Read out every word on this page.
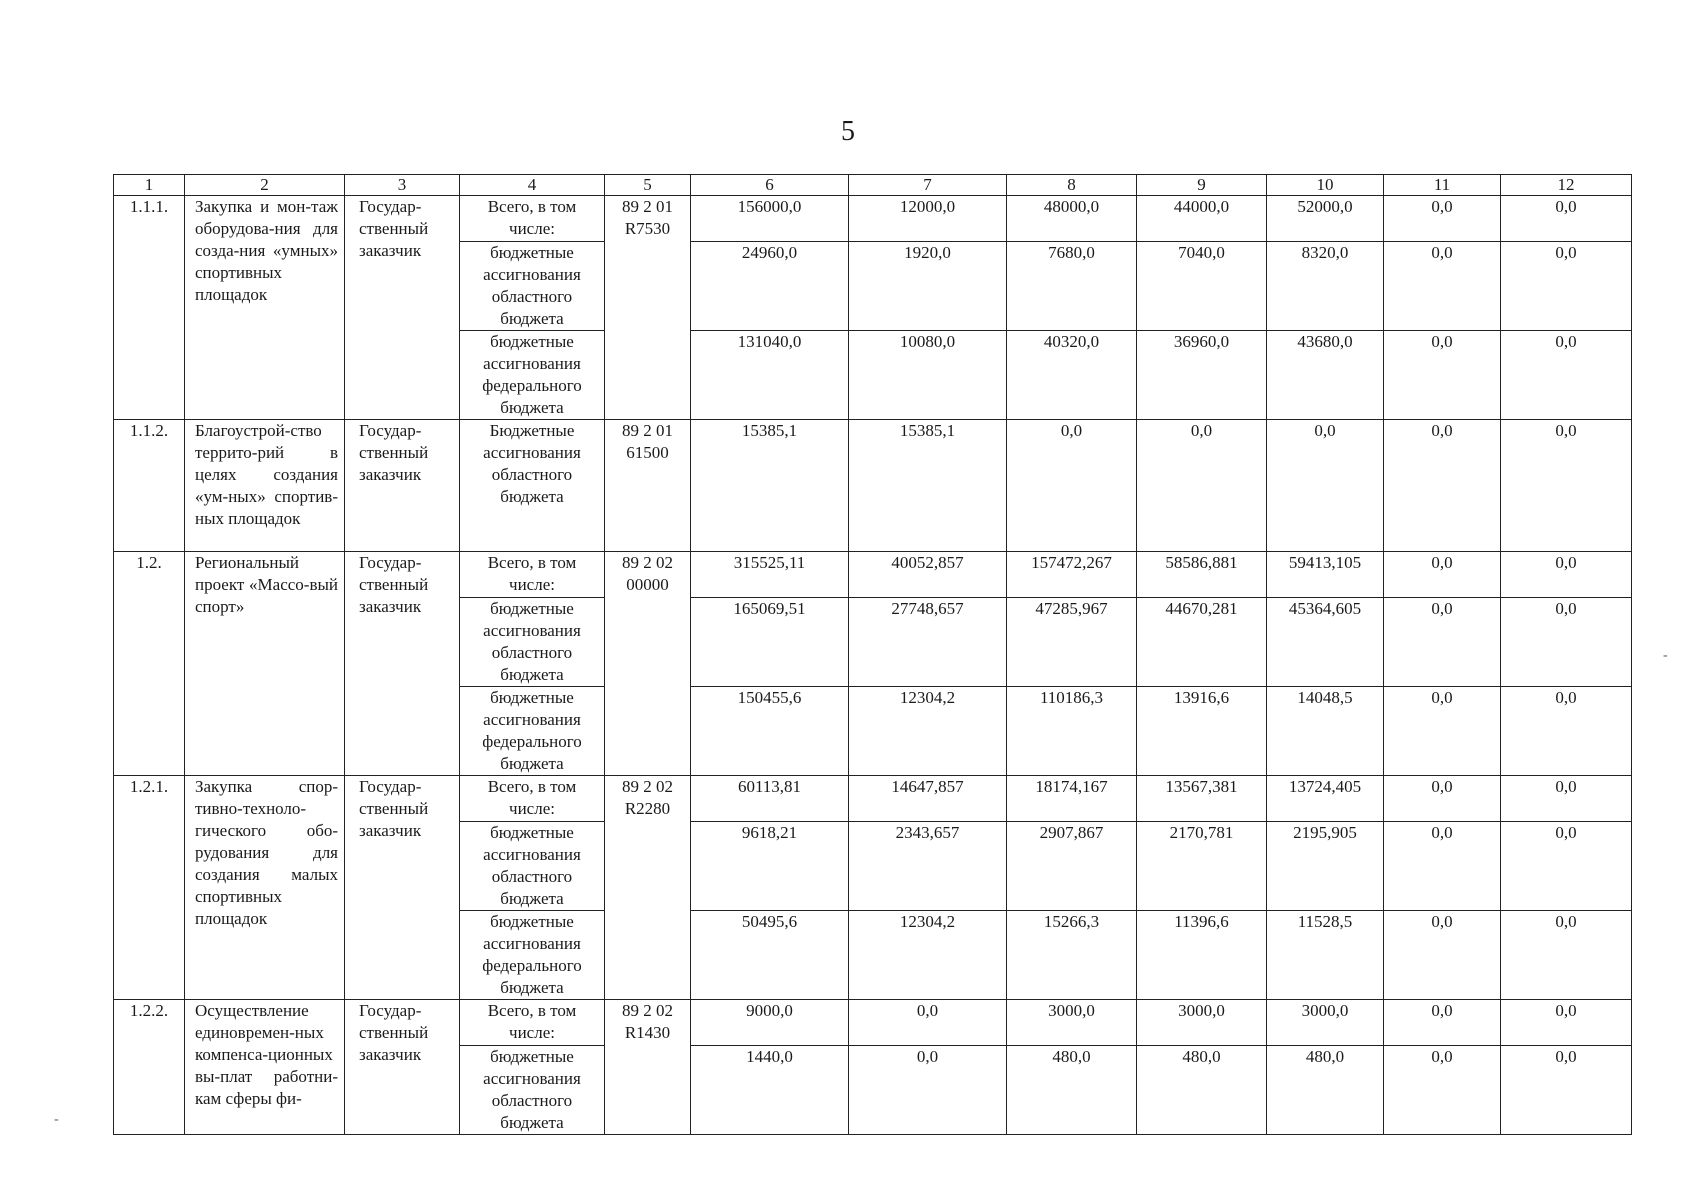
5
1	2	3	4	5	6	7	8	9	10	11	12
1.1.1.	Закупка и мон-таж оборудова-ния для созда-ния «умных» спортивных площадок	Государ-ственный заказчик	Всего, в том числе:	89 2 01 R7530	156000,0	12000,0	48000,0	44000,0	52000,0	0,0	0,0
			бюджетные ассигнования областного бюджета		24960,0	1920,0	7680,0	7040,0	8320,0	0,0	0,0
			бюджетные ассигнования федерального бюджета		131040,0	10080,0	40320,0	36960,0	43680,0	0,0	0,0
1.1.2.	Благоустрой-ство террито-рий в целях создания «ум-ных» спортив-ных площадок	Государ-ственный заказчик	Бюджетные ассигнования областного бюджета	89 2 01 61500	15385,1	15385,1	0,0	0,0	0,0	0,0	0,0
1.2.	Региональный проект «Массо-вый спорт»	Государ-ственный заказчик	Всего, в том числе:	89 2 02 00000	315525,11	40052,857	157472,267	58586,881	59413,105	0,0	0,0
			бюджетные ассигнования областного бюджета		165069,51	27748,657	47285,967	44670,281	45364,605	0,0	0,0
			бюджетные ассигнования федерального бюджета		150455,6	12304,2	110186,3	13916,6	14048,5	0,0	0,0
1.2.1.	Закупка спор-тивно-техноло-гического обо-рудования для создания малых спортивных площадок	Государ-ственный заказчик	Всего, в том числе:	89 2 02 R2280	60113,81	14647,857	18174,167	13567,381	13724,405	0,0	0,0
			бюджетные ассигнования областного бюджета		9618,21	2343,657	2907,867	2170,781	2195,905	0,0	0,0
			бюджетные ассигнования федерального бюджета		50495,6	12304,2	15266,3	11396,6	11528,5	0,0	0,0
1.2.2.	Осуществление единовремен-ных компенса-ционных вы-плат работни-кам сферы фи-	Государ-ственный заказчик	Всего, в том числе:	89 2 02 R1430	9000,0	0,0	3000,0	3000,0	3000,0	0,0	0,0
			бюджетные ассигнования областного бюджета		1440,0	0,0	480,0	480,0	480,0	0,0	0,0
-
-
